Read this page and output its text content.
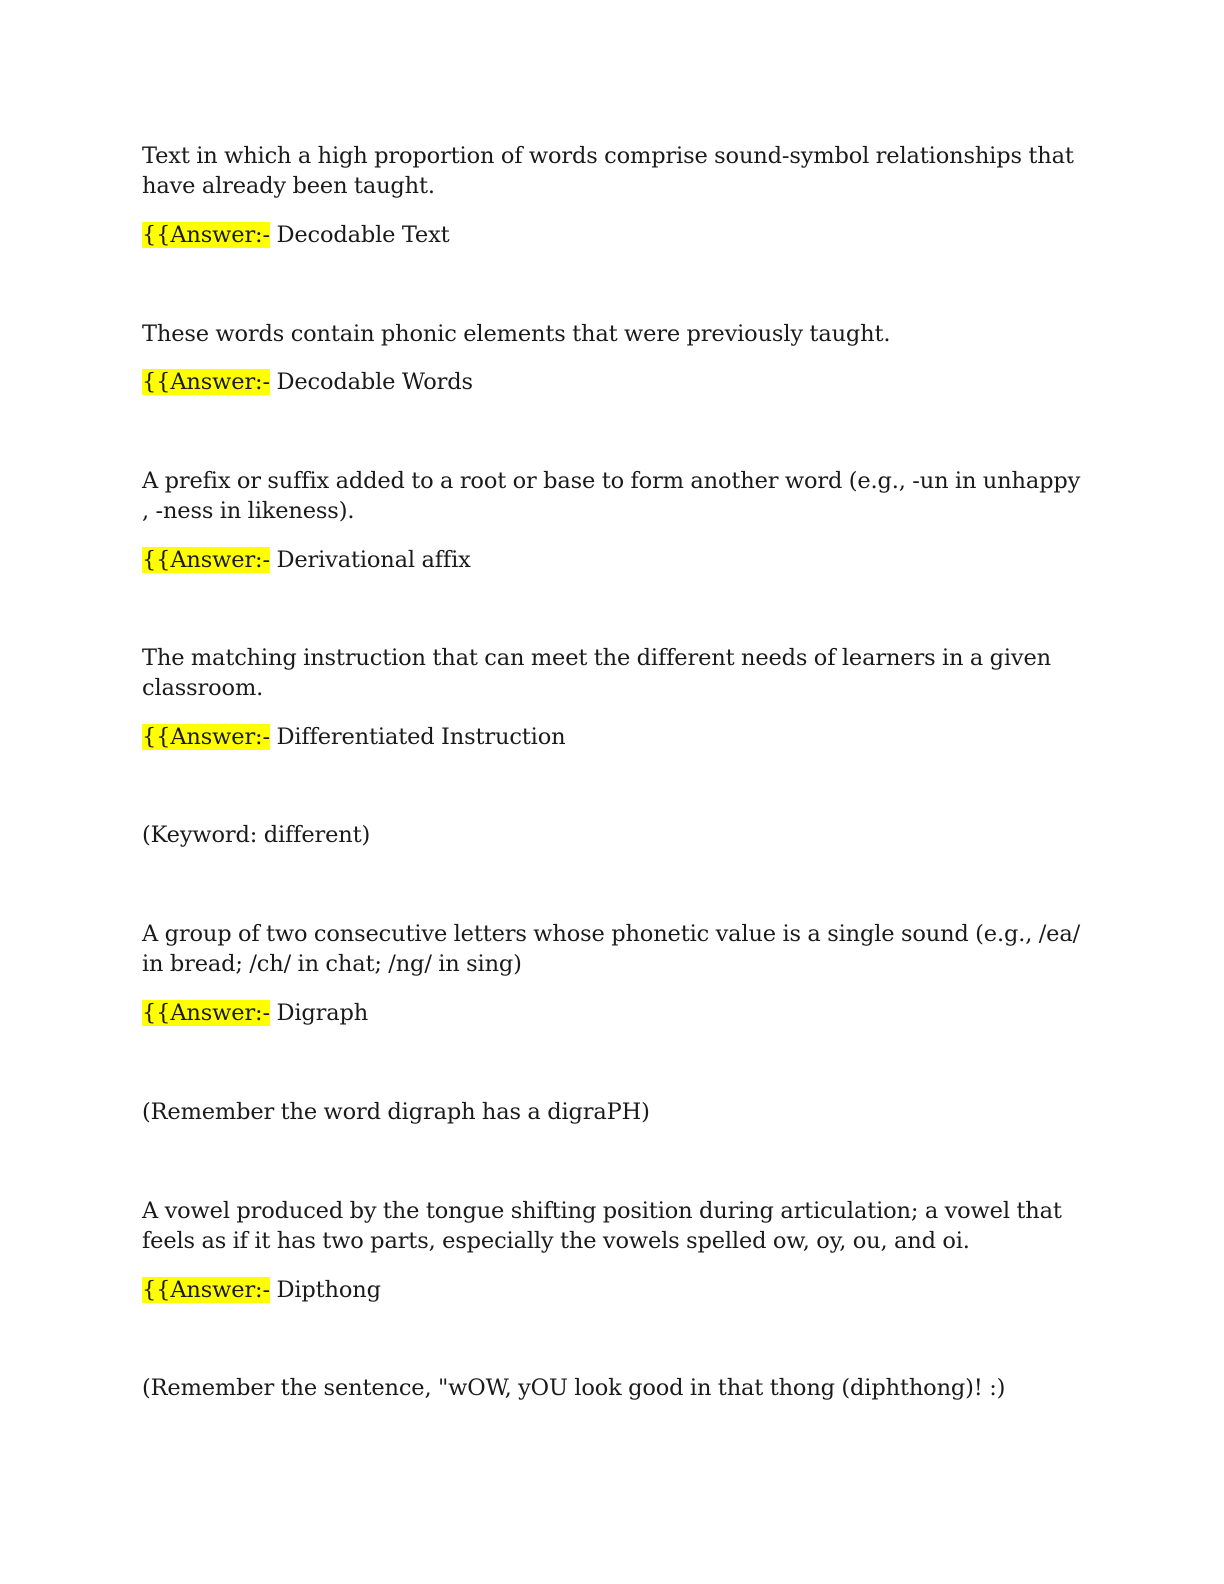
Text in which a high proportion of words comprise sound-symbol relationships that have already been taught.
{{Answer:- Decodable Text
These words contain phonic elements that were previously taught.
{{Answer:- Decodable Words
A prefix or suffix added to a root or base to form another word (e.g., -un in unhappy , -ness in likeness).
{{Answer:- Derivational affix
The matching instruction that can meet the different needs of learners in a given classroom.
{{Answer:- Differentiated Instruction
(Keyword: different)
A group of two consecutive letters whose phonetic value is a single sound (e.g., /ea/ in bread; /ch/ in chat; /ng/ in sing)
{{Answer:- Digraph
(Remember the word digraph has a digraPH)
A vowel produced by the tongue shifting position during articulation; a vowel that feels as if it has two parts, especially the vowels spelled ow, oy, ou, and oi.
{{Answer:- Dipthong
(Remember the sentence, "wOW, yOU look good in that thong (diphthong)! :)
